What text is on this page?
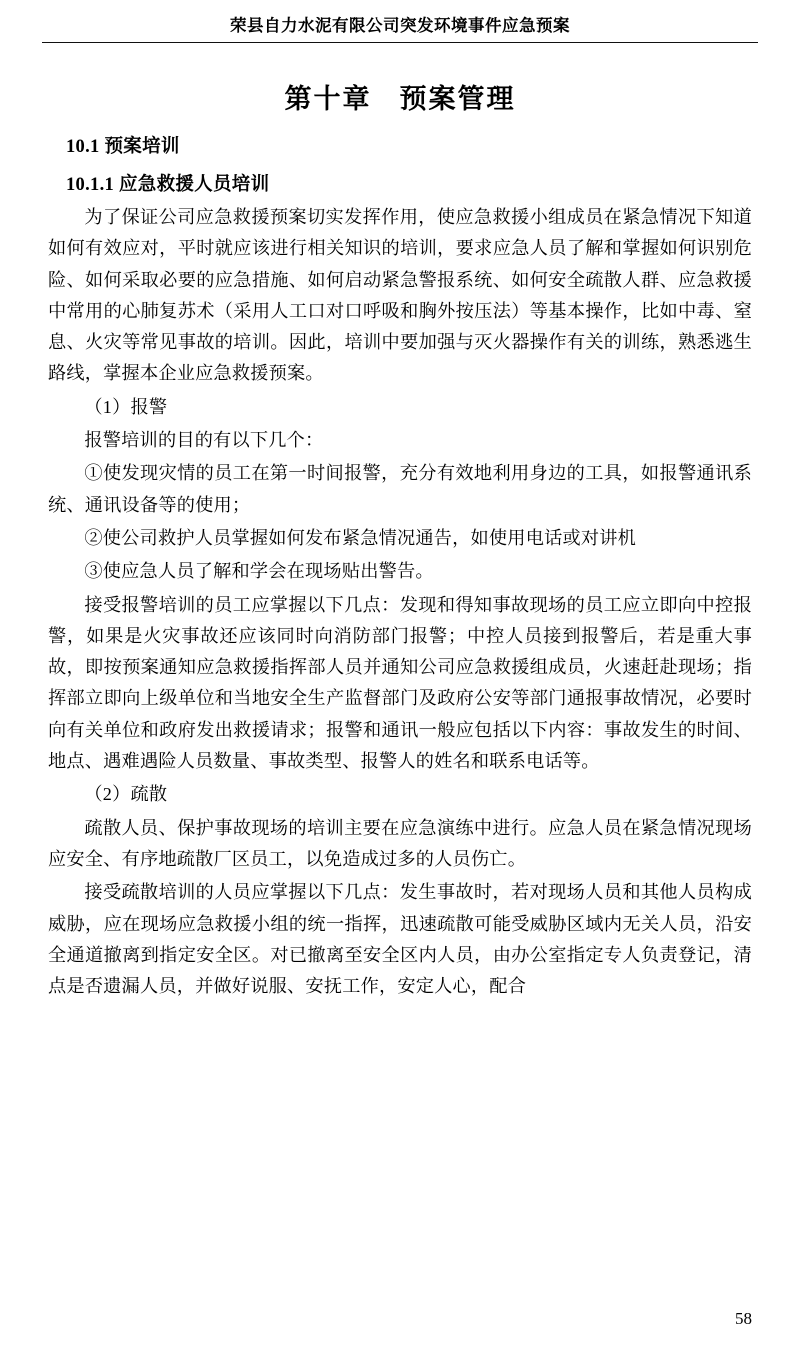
荣县自力水泥有限公司突发环境事件应急预案
第十章 预案管理
10.1 预案培训
10.1.1 应急救援人员培训

为了保证公司应急救援预案切实发挥作用，使应急救援小组成员在紧急情况下知道如何有效应对，平时就应该进行相关知识的培训，要求应急人员了解和掌握如何识别危险、如何采取必要的应急措施、如何启动紧急警报系统、如何安全疏散人群、应急救援中常用的心肺复苏术（采用人工口对口呼吸和胸外按压法）等基本操作，比如中毒、窒息、火灾等常见事故的培训。因此，培训中要加强与灭火器操作有关的训练，熟悉逃生路线，掌握本企业应急救援预案。

（1）报警

报警培训的目的有以下几个：

①使发现灾情的员工在第一时间报警，充分有效地利用身边的工具，如报警通讯系统、通讯设备等的使用；

②使公司救护人员掌握如何发布紧急情况通告，如使用电话或对讲机

③使应急人员了解和学会在现场贴出警告。

接受报警培训的员工应掌握以下几点：发现和得知事故现场的员工应立即向中控报警，如果是火灾事故还应该同时向消防部门报警；中控人员接到报警后，若是重大事故，即按预案通知应急救援指挥部人员并通知公司应急救援组成员，火速赶赴现场；指挥部立即向上级单位和当地安全生产监督部门及政府公安等部门通报事故情况，必要时向有关单位和政府发出救援请求；报警和通讯一般应包括以下内容：事故发生的时间、地点、遇难遇险人员数量、事故类型、报警人的姓名和联系电话等。

（2）疏散

疏散人员、保护事故现场的培训主要在应急演练中进行。应急人员在紧急情况现场应安全、有序地疏散厂区员工，以免造成过多的人员伤亡。

接受疏散培训的人员应掌握以下几点：发生事故时，若对现场人员和其他人员构成威胁，应在现场应急救援小组的统一指挥，迅速疏散可能受威胁区域内无关人员，沿安全通道撤离到指定安全区。对已撤离至安全区内人员，由办公室指定专人负责登记，清点是否遗漏人员，并做好说服、安抚工作，安定人心，配合

58
